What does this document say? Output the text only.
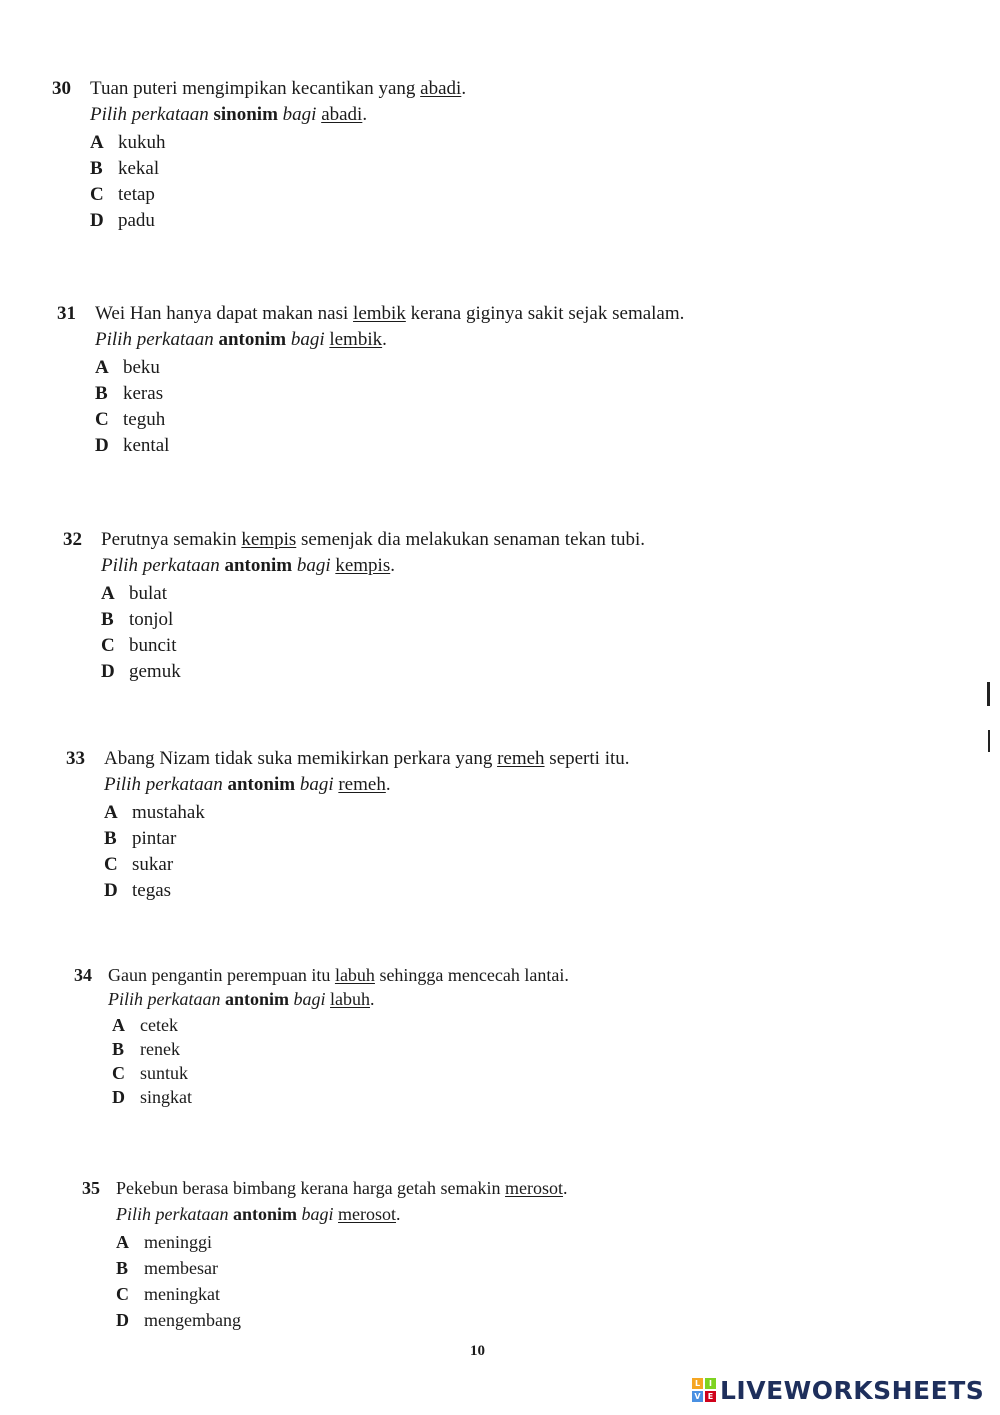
30 Tuan puteri mengimpikan kecantikan yang abadi.
Pilih perkataan sinonim bagi abadi.
A kukuh
B kekal
C tetap
D padu
31 Wei Han hanya dapat makan nasi lembik kerana giginya sakit sejak semalam.
Pilih perkataan antonim bagi lembik.
A beku
B keras
C teguh
D kental
32 Perutnya semakin kempis semenjak dia melakukan senaman tekan tubi.
Pilih perkataan antonim bagi kempis.
A bulat
B tonjol
C buncit
D gemuk
33 Abang Nizam tidak suka memikirkan perkara yang remeh seperti itu.
Pilih perkataan antonim bagi remeh.
A mustahak
B pintar
C sukar
D tegas
34 Gaun pengantin perempuan itu labuh sehingga mencecah lantai.
Pilih perkataan antonim bagi labuh.
A cetek
B renek
C suntuk
D singkat
35 Pekebun berasa bimbang kerana harga getah semakin merosot.
Pilih perkataan antonim bagi merosot.
A meninggi
B membesar
C meningkat
D mengembang
10
L	I
V E LIVEWORKSHEETS
